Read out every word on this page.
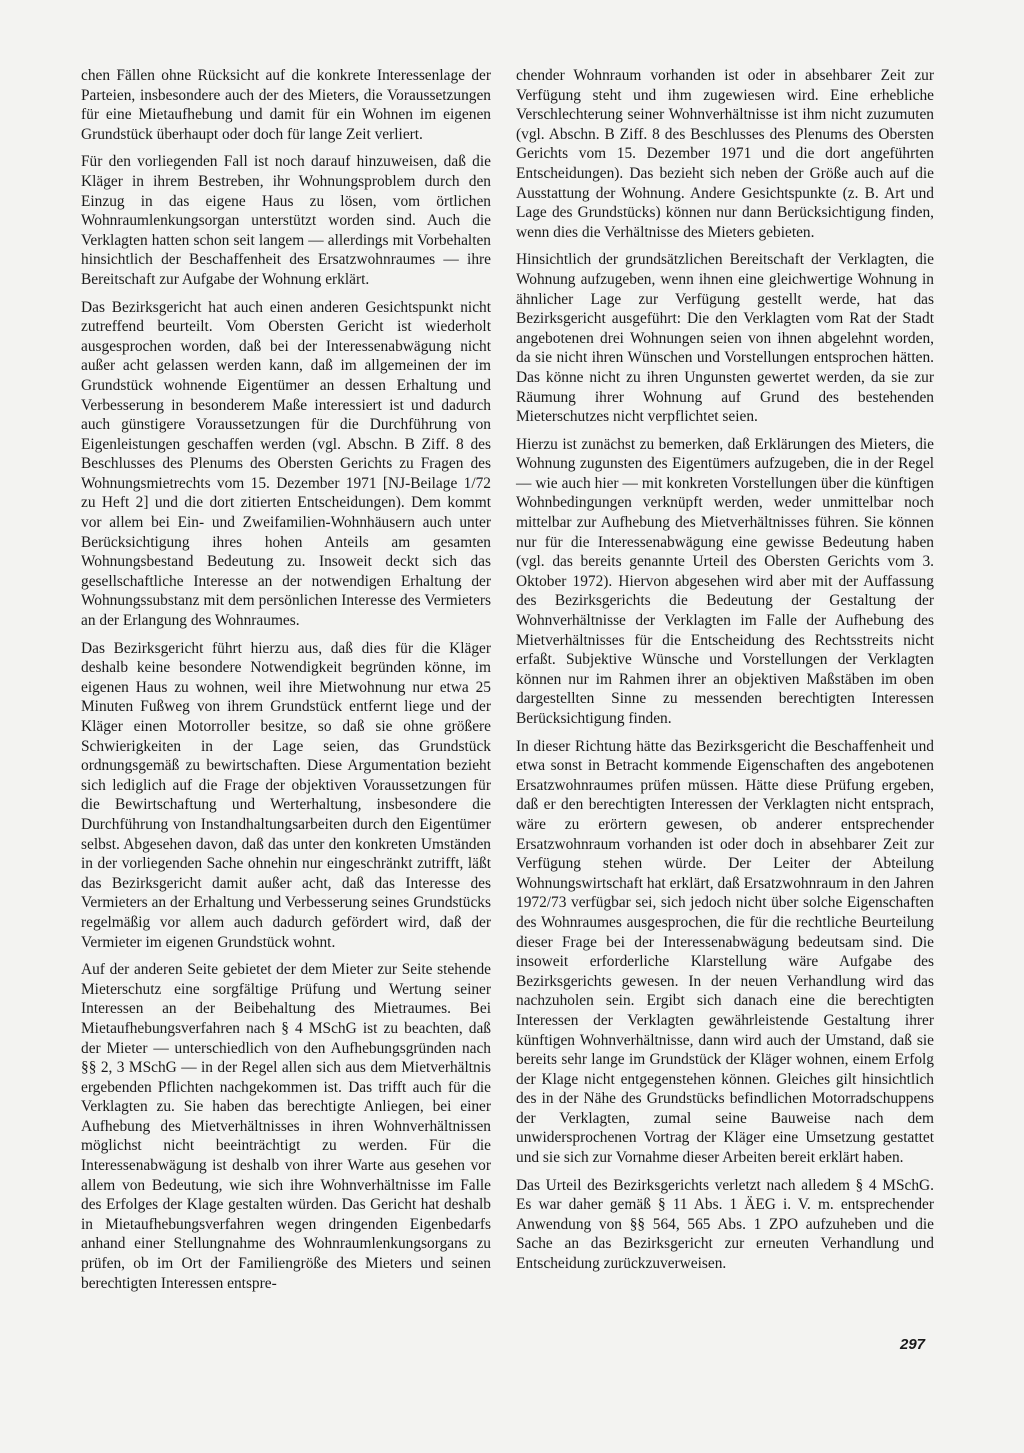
chen Fällen ohne Rücksicht auf die konkrete Interessenlage der Parteien, insbesondere auch der des Mieters, die Voraussetzungen für eine Mietaufhebung und damit für ein Wohnen im eigenen Grundstück überhaupt oder doch für lange Zeit verliert.

Für den vorliegenden Fall ist noch darauf hinzuweisen, daß die Kläger in ihrem Bestreben, ihr Wohnungsproblem durch den Einzug in das eigene Haus zu lösen, vom örtlichen Wohnraumlenkungsorgan unterstützt worden sind. Auch die Verklagten hatten schon seit langem — allerdings mit Vorbehalten hinsichtlich der Beschaffenheit des Ersatzwohnraumes — ihre Bereitschaft zur Aufgabe der Wohnung erklärt.

Das Bezirksgericht hat auch einen anderen Gesichtspunkt nicht zutreffend beurteilt. Vom Obersten Gericht ist wiederholt ausgesprochen worden, daß bei der Interessenabwägung nicht außer acht gelassen werden kann, daß im allgemeinen der im Grundstück wohnende Eigentümer an dessen Erhaltung und Verbesserung in besonderem Maße interessiert ist und dadurch auch günstigere Voraussetzungen für die Durchführung von Eigenleistungen geschaffen werden (vgl. Abschn. B Ziff. 8 des Beschlusses des Plenums des Obersten Gerichts zu Fragen des Wohnungsmietrechts vom 15. Dezember 1971 [NJ-Beilage 1/72 zu Heft 2] und die dort zitierten Entscheidungen). Dem kommt vor allem bei Ein- und Zweifamilien-Wohnhäusern auch unter Berücksichtigung ihres hohen Anteils am gesamten Wohnungsbestand Bedeutung zu. Insoweit deckt sich das gesellschaftliche Interesse an der notwendigen Erhaltung der Wohnungssubstanz mit dem persönlichen Interesse des Vermieters an der Erlangung des Wohnraumes.

Das Bezirksgericht führt hierzu aus, daß dies für die Kläger deshalb keine besondere Notwendigkeit begründen könne, im eigenen Haus zu wohnen, weil ihre Mietwohnung nur etwa 25 Minuten Fußweg von ihrem Grundstück entfernt liege und der Kläger einen Motorroller besitze, so daß sie ohne größere Schwierigkeiten in der Lage seien, das Grundstück ordnungsgemäß zu bewirtschaften. Diese Argumentation bezieht sich lediglich auf die Frage der objektiven Voraussetzungen für die Bewirtschaftung und Werterhaltung, insbesondere die Durchführung von Instandhaltungsarbeiten durch den Eigentümer selbst. Abgesehen davon, daß das unter den konkreten Umständen in der vorliegenden Sache ohnehin nur eingeschränkt zutrifft, läßt das Bezirksgericht damit außer acht, daß das Interesse des Vermieters an der Erhaltung und Verbesserung seines Grundstücks regelmäßig vor allem auch dadurch gefördert wird, daß der Vermieter im eigenen Grundstück wohnt.

Auf der anderen Seite gebietet der dem Mieter zur Seite stehende Mieterschutz eine sorgfältige Prüfung und Wertung seiner Interessen an der Beibehaltung des Mietraumes. Bei Mietaufhebungsverfahren nach § 4 MSchG ist zu beachten, daß der Mieter — unterschiedlich von den Aufhebungsgründen nach §§ 2, 3 MSchG — in der Regel allen sich aus dem Mietverhältnis ergebenden Pflichten nachgekommen ist. Das trifft auch für die Verklagten zu. Sie haben das berechtigte Anliegen, bei einer Aufhebung des Mietverhältnisses in ihren Wohnverhältnissen möglichst nicht beeinträchtigt zu werden. Für die Interessenabwägung ist deshalb von ihrer Warte aus gesehen vor allem von Bedeutung, wie sich ihre Wohnverhältnisse im Falle des Erfolges der Klage gestalten würden. Das Gericht hat deshalb in Mietaufhebungsverfahren wegen dringenden Eigenbedarfs anhand einer Stellungnahme des Wohnraumlenkungsorgans zu prüfen, ob im Ort der Familiengröße des Mieters und seinen berechtigten Interessen entspre-

chender Wohnraum vorhanden ist oder in absehbarer Zeit zur Verfügung steht und ihm zugewiesen wird. Eine erhebliche Verschlechterung seiner Wohnverhältnisse ist ihm nicht zuzumuten (vgl. Abschn. B Ziff. 8 des Beschlusses des Plenums des Obersten Gerichts vom 15. Dezember 1971 und die dort angeführten Entscheidungen). Das bezieht sich neben der Größe auch auf die Ausstattung der Wohnung. Andere Gesichtspunkte (z. B. Art und Lage des Grundstücks) können nur dann Berücksichtigung finden, wenn dies die Verhältnisse des Mieters gebieten.

Hinsichtlich der grundsätzlichen Bereitschaft der Verklagten, die Wohnung aufzugeben, wenn ihnen eine gleichwertige Wohnung in ähnlicher Lage zur Verfügung gestellt werde, hat das Bezirksgericht ausgeführt: Die den Verklagten vom Rat der Stadt angebotenen drei Wohnungen seien von ihnen abgelehnt worden, da sie nicht ihren Wünschen und Vorstellungen entsprochen hätten. Das könne nicht zu ihren Ungunsten gewertet werden, da sie zur Räumung ihrer Wohnung auf Grund des bestehenden Mieterschutzes nicht verpflichtet seien.

Hierzu ist zunächst zu bemerken, daß Erklärungen des Mieters, die Wohnung zugunsten des Eigentümers aufzugeben, die in der Regel — wie auch hier — mit konkreten Vorstellungen über die künftigen Wohnbedingungen verknüpft werden, weder unmittelbar noch mittelbar zur Aufhebung des Mietverhältnisses führen. Sie können nur für die Interessenabwägung eine gewisse Bedeutung haben (vgl. das bereits genannte Urteil des Obersten Gerichts vom 3. Oktober 1972). Hiervon abgesehen wird aber mit der Auffassung des Bezirksgerichts die Bedeutung der Gestaltung der Wohnverhältnisse der Verklagten im Falle der Aufhebung des Mietverhältnisses für die Entscheidung des Rechtsstreits nicht erfaßt. Subjektive Wünsche und Vorstellungen der Verklagten können nur im Rahmen ihrer an objektiven Maßstäben im oben dargestellten Sinne zu messenden berechtigten Interessen Berücksichtigung finden.

In dieser Richtung hätte das Bezirksgericht die Beschaffenheit und etwa sonst in Betracht kommende Eigenschaften des angebotenen Ersatzwohnraumes prüfen müssen. Hätte diese Prüfung ergeben, daß er den berechtigten Interessen der Verklagten nicht entsprach, wäre zu erörtern gewesen, ob anderer entsprechender Ersatzwohnraum vorhanden ist oder doch in absehbarer Zeit zur Verfügung stehen würde. Der Leiter der Abteilung Wohnungswirtschaft hat erklärt, daß Ersatzwohnraum in den Jahren 1972/73 verfügbar sei, sich jedoch nicht über solche Eigenschaften des Wohnraumes ausgesprochen, die für die rechtliche Beurteilung dieser Frage bei der Interessenabwägung bedeutsam sind. Die insoweit erforderliche Klarstellung wäre Aufgabe des Bezirksgerichts gewesen. In der neuen Verhandlung wird das nachzuholen sein. Ergibt sich danach eine die berechtigten Interessen der Verklagten gewährleistende Gestaltung ihrer künftigen Wohnverhältnisse, dann wird auch der Umstand, daß sie bereits sehr lange im Grundstück der Kläger wohnen, einem Erfolg der Klage nicht entgegenstehen können. Gleiches gilt hinsichtlich des in der Nähe des Grundstücks befindlichen Motorradschuppens der Verklagten, zumal seine Bauweise nach dem unwidersprochenen Vortrag der Kläger eine Umsetzung gestattet und sie sich zur Vornahme dieser Arbeiten bereit erklärt haben.

Das Urteil des Bezirksgerichts verletzt nach alledem § 4 MSchG. Es war daher gemäß § 11 Abs. 1 ÄEG i. V. m. entsprechender Anwendung von §§ 564, 565 Abs. 1 ZPO aufzuheben und die Sache an das Bezirksgericht zur erneuten Verhandlung und Entscheidung zurückzuverweisen.

297
